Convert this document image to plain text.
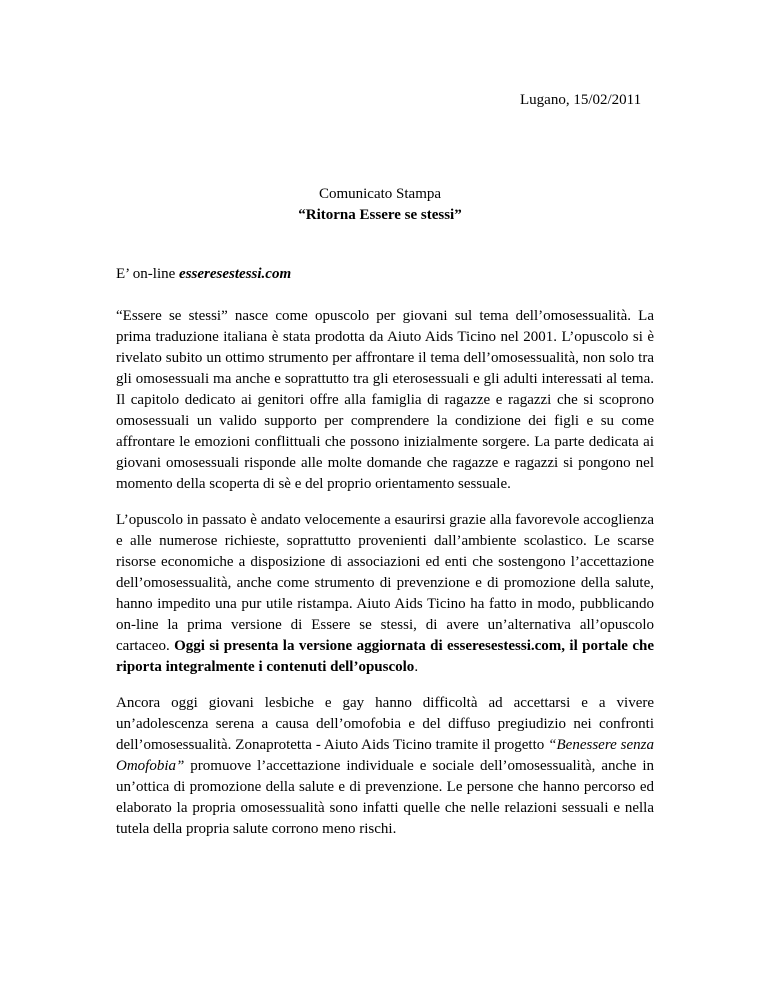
Lugano, 15/02/2011
Comunicato Stampa
“Ritorna Essere se stessi”
E’ on-line esseresestessi.com

“Essere se stessi” nasce come opuscolo per giovani sul tema dell’omosessualità. La prima traduzione italiana è stata prodotta da Aiuto Aids Ticino nel 2001. L’opuscolo si è rivelato subito un ottimo strumento per affrontare il tema dell’omosessualità, non solo tra gli omosessuali ma anche e soprattutto tra gli eterosessuali e gli adulti interessati al tema. Il capitolo dedicato ai genitori offre alla famiglia di ragazze e ragazzi che si scoprono omosessuali un valido supporto per comprendere la condizione dei figli e su come affrontare le emozioni conflittuali che possono inizialmente sorgere. La parte dedicata ai giovani omosessuali risponde alle molte domande che ragazze e ragazzi si pongono nel momento della scoperta di sè e del proprio orientamento sessuale.

L’opuscolo in passato è andato velocemente a esaurirsi grazie alla favorevole accoglienza e alle numerose richieste, soprattutto provenienti dall’ambiente scolastico. Le scarse risorse economiche a disposizione di associazioni ed enti che sostengono l’accettazione dell’omosessualità, anche come strumento di prevenzione e di promozione della salute, hanno impedito una pur utile ristampa. Aiuto Aids Ticino ha fatto in modo, pubblicando on-line la prima versione di Essere se stessi, di avere un’alternativa all’opuscolo cartaceo. Oggi si presenta la versione aggiornata di esseresestessi.com, il portale che riporta integralmente i contenuti dell’opuscolo.

Ancora oggi giovani lesbiche e gay hanno difficoltà ad accettarsi e a vivere un’adolescenza serena a causa dell’omofobia e del diffuso pregiudizio nei confronti dell’omosessualità. Zonaprotetta - Aiuto Aids Ticino tramite il progetto “Benessere senza Omofobia” promuove l’accettazione individuale e sociale dell’omosessualità, anche in un’ottica di promozione della salute e di prevenzione. Le persone che hanno percorso ed elaborato la propria omosessualità sono infatti quelle che nelle relazioni sessuali e nella tutela della propria salute corrono meno rischi.
